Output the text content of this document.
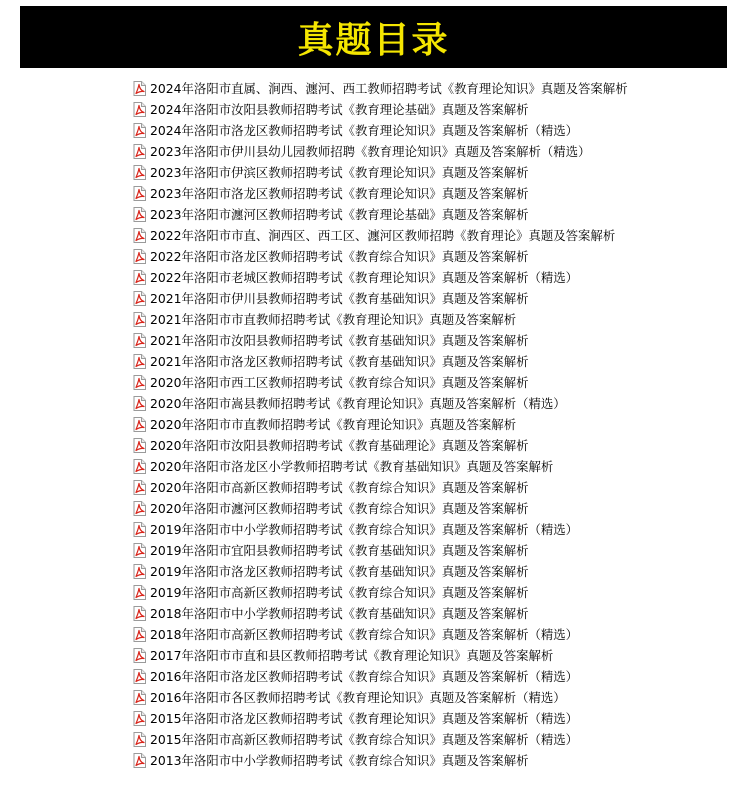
真题目录
2024年洛阳市直属、涧西、瀍河、西工教师招聘考试《教育理论知识》真题及答案解析
2024年洛阳市汝阳县教师招聘考试《教育理论基础》真题及答案解析
2024年洛阳市洛龙区教师招聘考试《教育理论知识》真题及答案解析（精选）
2023年洛阳市伊川县幼儿园教师招聘《教育理论知识》真题及答案解析（精选）
2023年洛阳市伊滨区教师招聘考试《教育理论知识》真题及答案解析
2023年洛阳市洛龙区教师招聘考试《教育理论知识》真题及答案解析
2023年洛阳市瀍河区教师招聘考试《教育理论基础》真题及答案解析
2022年洛阳市市直、涧西区、西工区、瀍河区教师招聘《教育理论》真题及答案解析
2022年洛阳市洛龙区教师招聘考试《教育综合知识》真题及答案解析
2022年洛阳市老城区教师招聘考试《教育理论知识》真题及答案解析（精选）
2021年洛阳市伊川县教师招聘考试《教育基础知识》真题及答案解析
2021年洛阳市市直教师招聘考试《教育理论知识》真题及答案解析
2021年洛阳市汝阳县教师招聘考试《教育基础知识》真题及答案解析
2021年洛阳市洛龙区教师招聘考试《教育基础知识》真题及答案解析
2020年洛阳市西工区教师招聘考试《教育综合知识》真题及答案解析
2020年洛阳市嵩县教师招聘考试《教育理论知识》真题及答案解析（精选）
2020年洛阳市市直教师招聘考试《教育理论知识》真题及答案解析
2020年洛阳市汝阳县教师招聘考试《教育基础理论》真题及答案解析
2020年洛阳市洛龙区小学教师招聘考试《教育基础知识》真题及答案解析
2020年洛阳市高新区教师招聘考试《教育综合知识》真题及答案解析
2020年洛阳市瀍河区教师招聘考试《教育综合知识》真题及答案解析
2019年洛阳市中小学教师招聘考试《教育综合知识》真题及答案解析（精选）
2019年洛阳市宜阳县教师招聘考试《教育基础知识》真题及答案解析
2019年洛阳市洛龙区教师招聘考试《教育基础知识》真题及答案解析
2019年洛阳市高新区教师招聘考试《教育综合知识》真题及答案解析
2018年洛阳市中小学教师招聘考试《教育基础知识》真题及答案解析
2018年洛阳市高新区教师招聘考试《教育综合知识》真题及答案解析（精选）
2017年洛阳市市直和县区教师招聘考试《教育理论知识》真题及答案解析
2016年洛阳市洛龙区教师招聘考试《教育综合知识》真题及答案解析（精选）
2016年洛阳市各区教师招聘考试《教育理论知识》真题及答案解析（精选）
2015年洛阳市洛龙区教师招聘考试《教育理论知识》真题及答案解析（精选）
2015年洛阳市高新区教师招聘考试《教育综合知识》真题及答案解析（精选）
2013年洛阳市中小学教师招聘考试《教育综合知识》真题及答案解析
